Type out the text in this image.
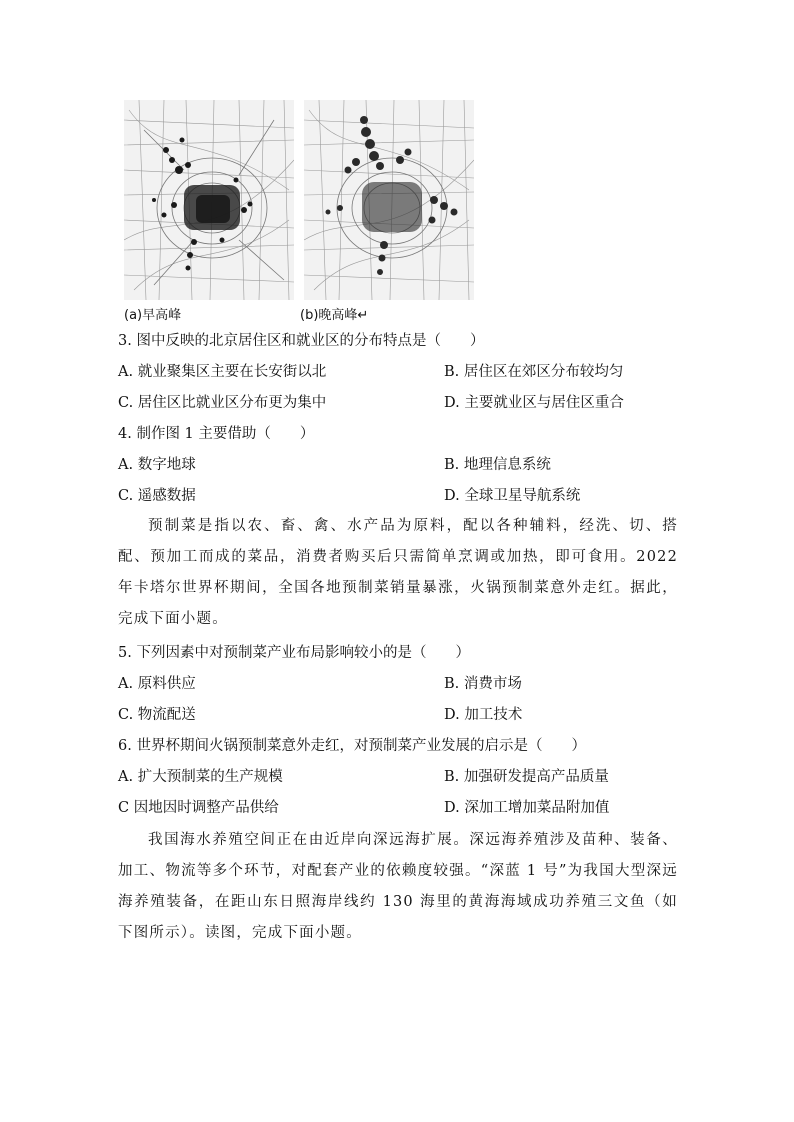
(a)早高峰	(b)晚高峰↵
3. 图中反映的北京居住区和就业区的分布特点是（　　）
A. 就业聚集区主要在长安街以北	B. 居住区在郊区分布较均匀
C. 居住区比就业区分布更为集中	D. 主要就业区与居住区重合
4. 制作图 1 主要借助（　　）
A. 数字地球	B. 地理信息系统
C. 遥感数据	D. 全球卫星导航系统
预制菜是指以农、畜、禽、水产品为原料，配以各种辅料，经洗、切、搭配、预加工而成的菜品，消费者购买后只需简单烹调或加热，即可食用。2022 年卡塔尔世界杯期间，全国各地预制菜销量暴涨，火锅预制菜意外走红。据此，完成下面小题。
5. 下列因素中对预制菜产业布局影响较小的是（　　）
A. 原料供应	B. 消费市场
C. 物流配送	D. 加工技术
6. 世界杯期间火锅预制菜意外走红，对预制菜产业发展的启示是（　　）
A. 扩大预制菜的生产规模	B. 加强研发提高产品质量
C 因地因时调整产品供给	D. 深加工增加菜品附加值
我国海水养殖空间正在由近岸向深远海扩展。深远海养殖涉及苗种、装备、加工、物流等多个环节，对配套产业的依赖度较强。“深蓝 1 号”为我国大型深远海养殖装备，在距山东日照海岸线约 130 海里的黄海海域成功养殖三文鱼（如下图所示）。读图，完成下面小题。
